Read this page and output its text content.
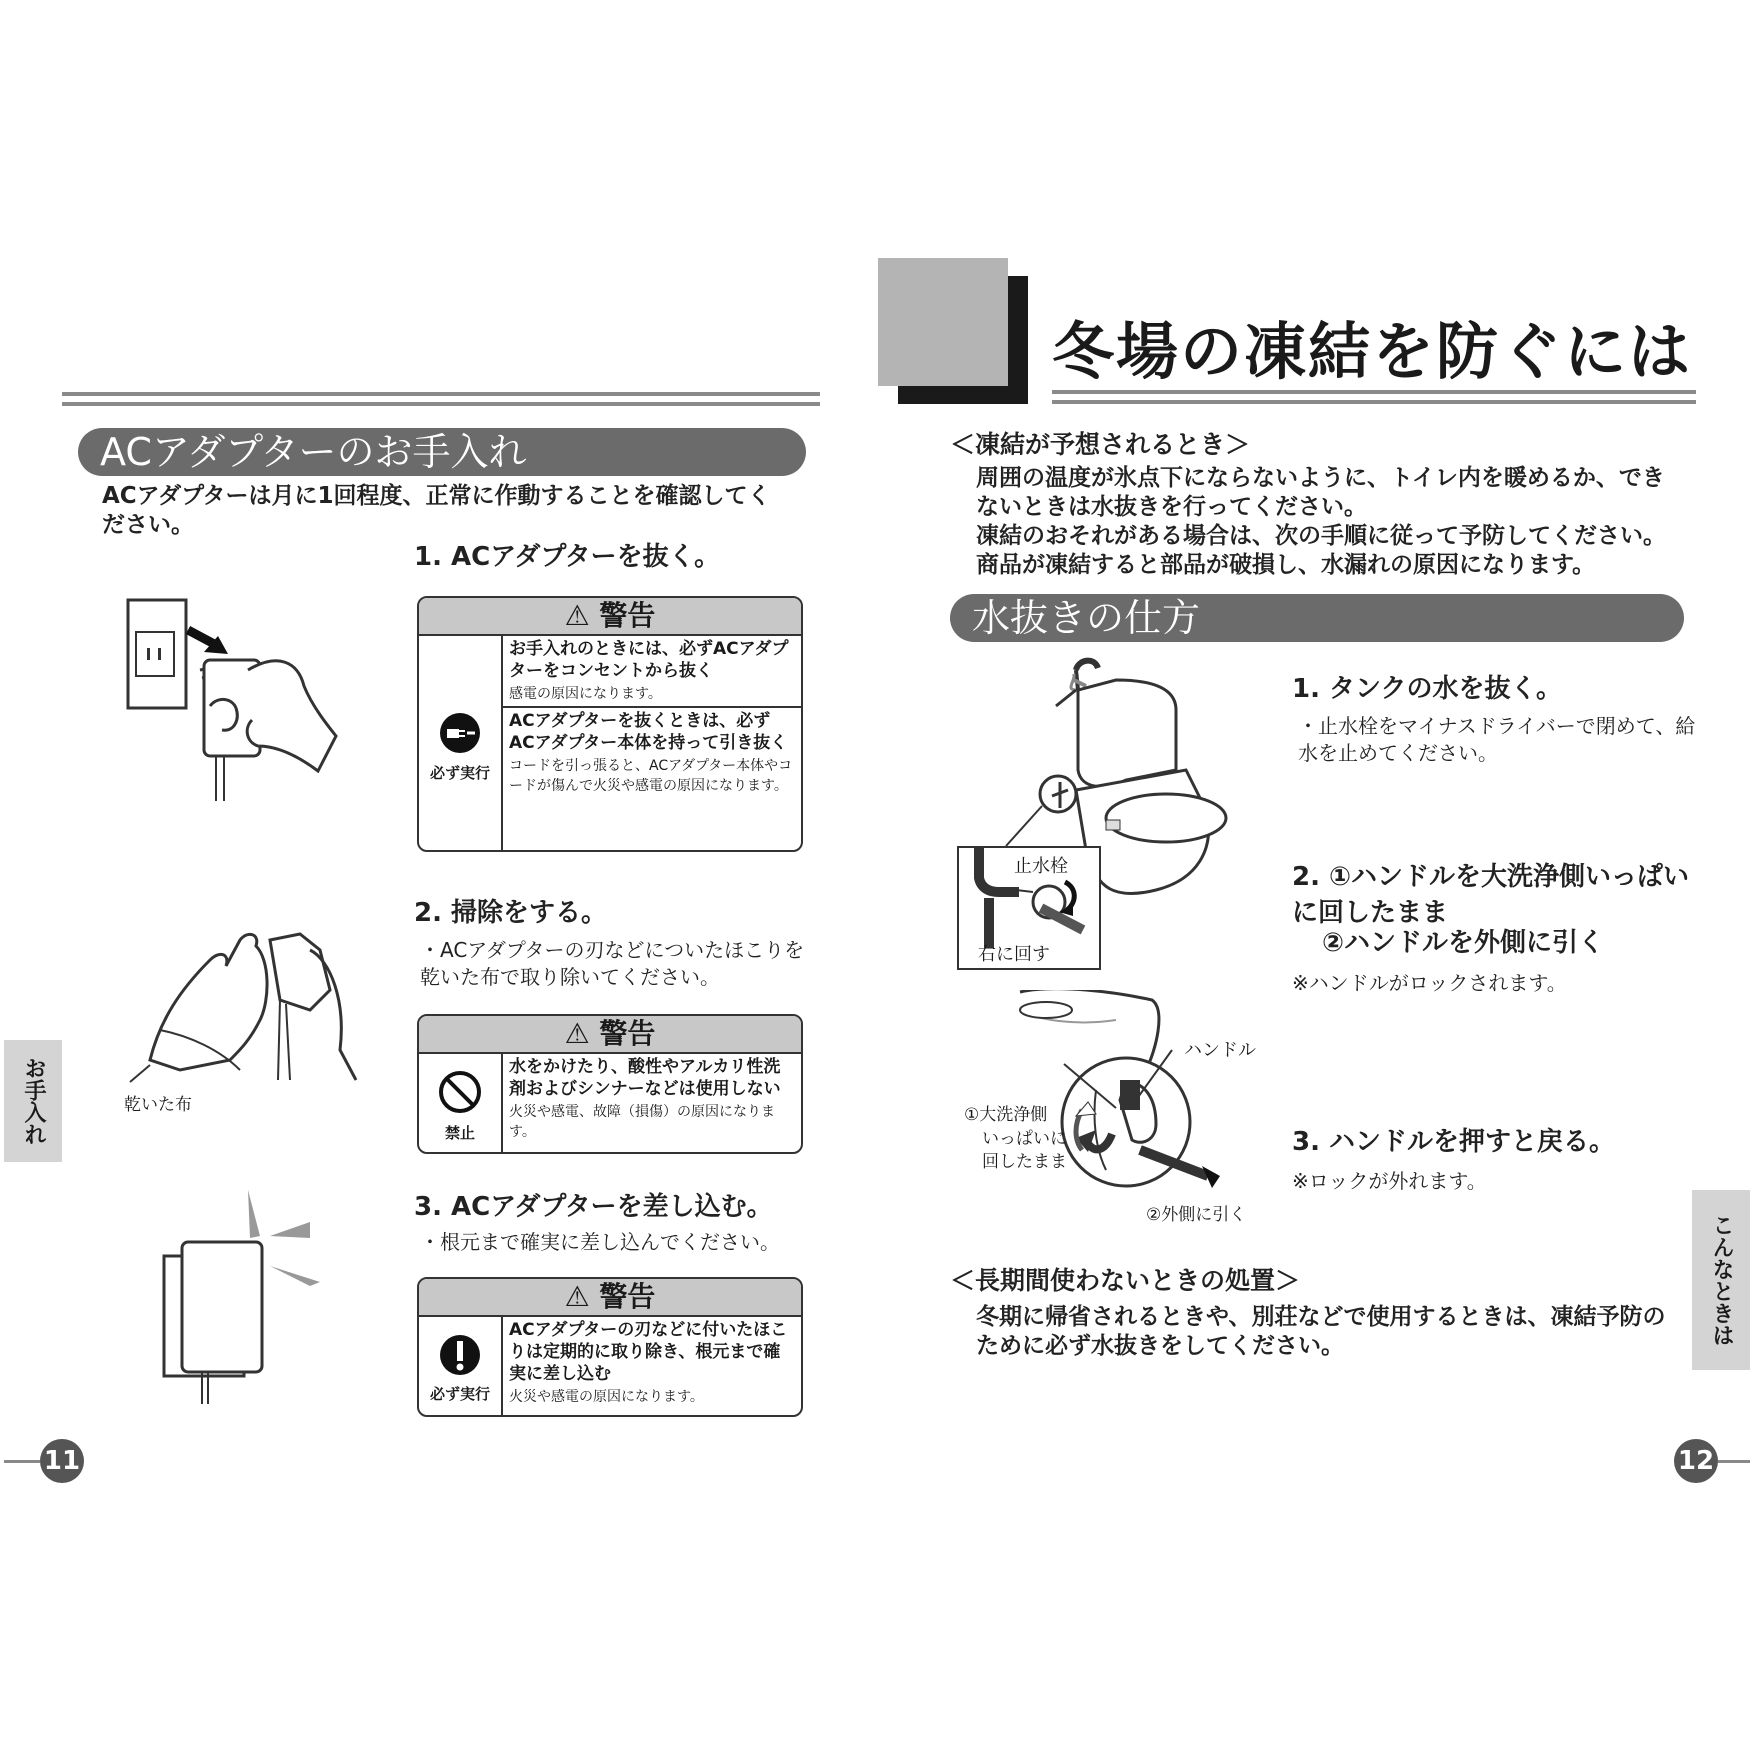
ACアダプターのお手入れ
ACアダプターは月に1回程度、正常に作動することを確認してください。
1. ACアダプターを抜く。
⚠ 警告
必ず実行
お手入れのときには、必ずACアダプターをコンセントから抜く
感電の原因になります。
ACアダプターを抜くときは、必ずACアダプター本体を持って引き抜く
コードを引っ張ると、ACアダプター本体やコードが傷んで火災や感電の原因になります。
2. 掃除をする。
・ACアダプターの刃などについたほこりを乾いた布で取り除いてください。
乾いた布
⚠ 警告
禁止
水をかけたり、酸性やアルカリ性洗剤およびシンナーなどは使用しない
火災や感電、故障（損傷）の原因になります。
3. ACアダプターを差し込む。
・根元まで確実に差し込んでください。
⚠ 警告
必ず実行
ACアダプターの刃などに付いたほこりは定期的に取り除き、根元まで確実に差し込む
火災や感電の原因になります。
お手入れ
11
冬場の凍結を防ぐには
＜凍結が予想されるとき＞
周囲の温度が氷点下にならないように、トイレ内を暖めるか、できないときは水抜きを行ってください。
凍結のおそれがある場合は、次の手順に従って予防してください。
商品が凍結すると部品が破損し、水漏れの原因になります。
水抜きの仕方
止水栓
右に回す
1. タンクの水を抜く。
・止水栓をマイナスドライバーで閉めて、給水を止めてください。
2. ①ハンドルを大洗浄側いっぱいに回したまま
②ハンドルを外側に引く
※ハンドルがロックされます。
ハンドル
①大洗浄側
いっぱいに
回したまま
②外側に引く
3. ハンドルを押すと戻る。
※ロックが外れます。
＜長期間使わないときの処置＞
冬期に帰省されるときや、別荘などで使用するときは、凍結予防のために必ず水抜きをしてください。	こんなときは
12
